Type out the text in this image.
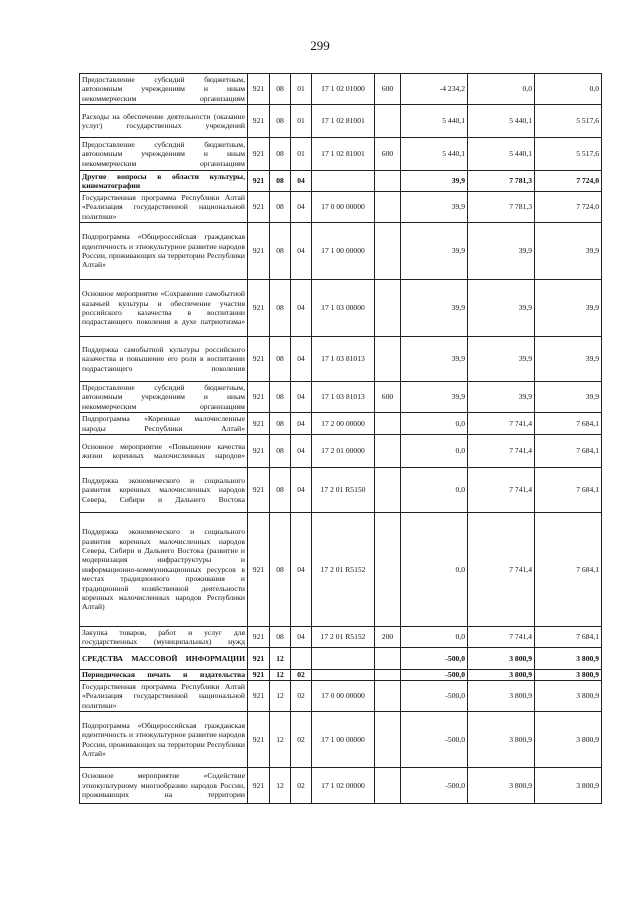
299
Предоставление субсидий бюджетным, автономным учреждениям и иным некоммерческим организациям	921	08	01	17 1 02 01000	600	-4 234,2	0,0	0,0
Расходы на обеспечение деятельности (оказание услуг) государственных учреждений	921	08	01	17 1 02 81001		5 440,1	5 440,1	5 517,6
Предоставление субсидий бюджетным, автономным учреждениям и иным некоммерческим организациям	921	08	01	17 1 02 81001	600	5 440,1	5 440,1	5 517,6
Другие вопросы в области культуры, кинематографии	921	08	04			39,9	7 781,3	7 724,0
Государственная программа Республики Алтай «Реализация государственной национальной политики»	921	08	04	17 0 00 00000		39,9	7 781,3	7 724,0
Подпрограмма «Общероссийская гражданская идентичность и этнокультурное развитие народов России, проживающих на территории Республики Алтай»	921	08	04	17 1 00 00000		39,9	39,9	39,9
Основное мероприятие «Сохранение самобытной казачьей культуры и обеспечение участия российского казачества в воспитании подрастающего поколения в духе патриотизма»	921	08	04	17 1 03 00000		39,9	39,9	39,9
Поддержка самобытной культуры российского казачества и повышение его роли в воспитании подрастающего поколения	921	08	04	17 1 03 81013		39,9	39,9	39,9
Предоставление субсидий бюджетным, автономным учреждениям и иным некоммерческим организациям	921	08	04	17 1 03 81013	600	39,9	39,9	39,9
Подпрограмма «Коренные малочисленные народы Республики Алтай»	921	08	04	17 2 00 00000		0,0	7 741,4	7 684,1
Основное мероприятие «Повышение качества жизни коренных малочисленных народов»	921	08	04	17 2 01 00000		0,0	7 741,4	7 684,1
Поддержка экономического и социального развития коренных малочисленных народов Севера, Сибири и Дальнего Востока	921	08	04	17 2 01 R5150		0,0	7 741,4	7 684,1
Поддержка экономического и социального развития коренных малочисленных народов Севера, Сибири и Дальнего Востока (развитие и модернизация инфраструктуры и информационно-коммуникационных ресурсов в местах традиционного проживания и традиционной хозяйственной деятельности коренных малочисленных народов Республики Алтай)	921	08	04	17 2 01 R5152		0,0	7 741,4	7 684,1
Закупка товаров, работ и услуг для государственных (муниципальных) нужд	921	08	04	17 2 01 R5152	200	0,0	7 741,4	7 684,1
СРЕДСТВА МАССОВОЙ ИНФОРМАЦИИ	921	12				-500,0	3 800,9	3 800,9
Периодическая печать и издательства	921	12	02			-500,0	3 800,9	3 800,9
Государственная программа Республики Алтай «Реализация государственной национальной политики»	921	12	02	17 0 00 00000		-500,0	3 800,9	3 800,9
Подпрограмма «Общероссийская гражданская идентичность и этнокультурное развитие народов России, проживающих на территории Республики Алтай»	921	12	02	17 1 00 00000		-500,0	3 800,9	3 800,9
Основное мероприятие «Содействие этнокультурному многообразию народов России, проживающих на территории	921	12	02	17 1 02 00000		-500,0	3 800,9	3 800,9
